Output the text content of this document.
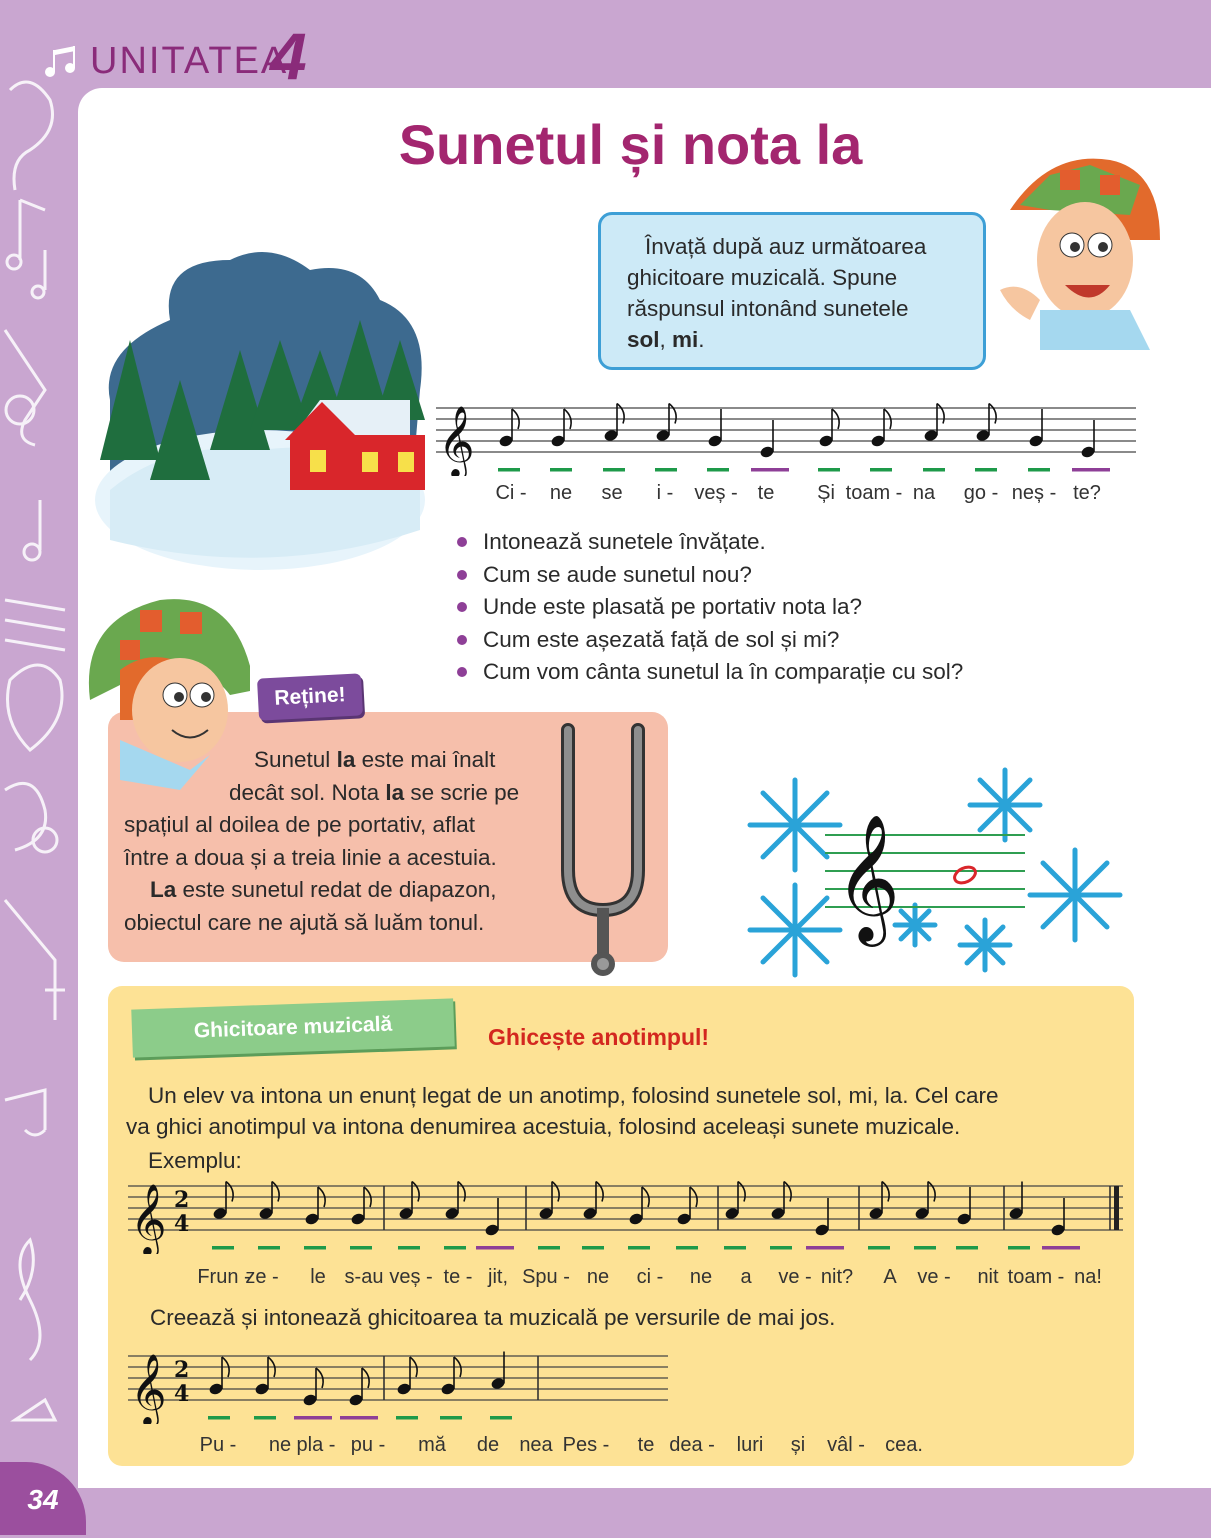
UNITATEA
4
Sunetul și nota la
Învață după auz următoarea
ghicitoare muzicală. Spune
răspunsul intonând sunetele
sol, mi.
𝄞
Ci - ne se i - veș - te Și toam - na go - neș - te?
Intonează sunetele învățate.
Cum se aude sunetul nou?
Unde este plasată pe portativ nota la?
Cum este așezată față de sol și mi?
Cum vom cânta sunetul la în comparație cu sol?
Reține!
Sunetul la este mai înalt
decât sol. Nota la se scrie pe
spațiul al doilea de pe portativ, aflat
între a doua și a treia linie a acestuia.
La este sunetul redat de diapazon,
obiectul care ne ajută să luăm tonul.	𝄞
Ghicitoare muzicală	Ghicește anotimpul!
Un elev va intona un enunț legat de un anotimp, folosind sunetele sol, mi, la. Cel care
va ghici anotimpul va intona denumirea acestuia, folosind aceleași sunete muzicale.
Exemplu:
𝄞 2
4
Frun -
ze - le s-au veș - te - jit, Spu - ne ci - ne a ve - nit? A ve - nit toam - na!
Creează și intonează ghicitoarea ta muzicală pe versurile de mai jos.
𝄞 2
4
Pu - ne pla - pu - mă de nea Pes - te dea - luri și vâl - cea.
34
